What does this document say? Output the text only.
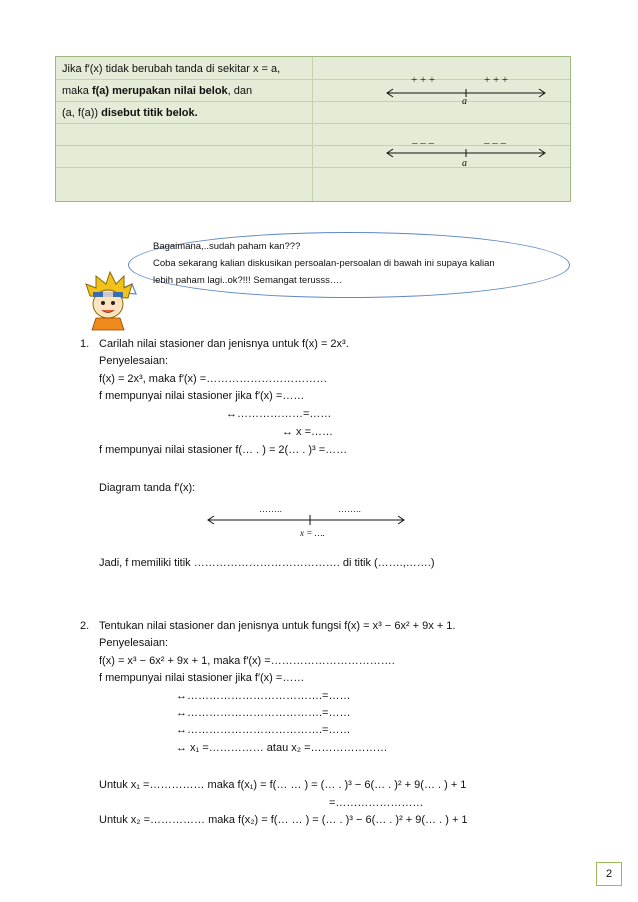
Jika f′(x) tidak berubah tanda di sekitar x = a,
maka f(a) merupakan nilai belok, dan
(a, f(a)) disebut titik belok.
+ + +	+ + +
a
– – –	– – –
a
Bagaimana,..sudah paham kan???
Coba sekarang kalian diskusikan persoalan-persoalan di bawah ini supaya kalian
lebih paham lagi..ok?!!! Semangat terusss….
1. Carilah nilai stasioner dan jenisnya untuk f(x) = 2x³.
Penyelesaian:
f(x) = 2x³, maka f′(x) =……………………………
f mempunyai nilai stasioner jika f′(x) =……
↔………………=……
↔ x =……
f mempunyai nilai stasioner f(… . ) = 2(… . )³ =……
Diagram tanda f′(x):
……..	……..
x = ….
Jadi, f memiliki titik …………………………………. di titik (…….,…….)
2. Tentukan nilai stasioner dan jenisnya untuk fungsi f(x) = x³ − 6x² + 9x + 1.
Penyelesaian:
f(x) = x³ − 6x² + 9x + 1, maka f′(x) =…………………………….
f mempunyai nilai stasioner jika f′(x) =……
↔……………………………….=……
↔……………………………….=……
↔……………………………….=……
↔ x₁ =…………… atau x₂ =…………………
Untuk x₁ =…………… maka f(x₁) = f(… … ) = (… . )³ − 6(… . )² + 9(… . ) + 1
=……………………
Untuk x₂ =…………… maka f(x₂) = f(… … ) = (… . )³ − 6(… . )² + 9(… . ) + 1
2
